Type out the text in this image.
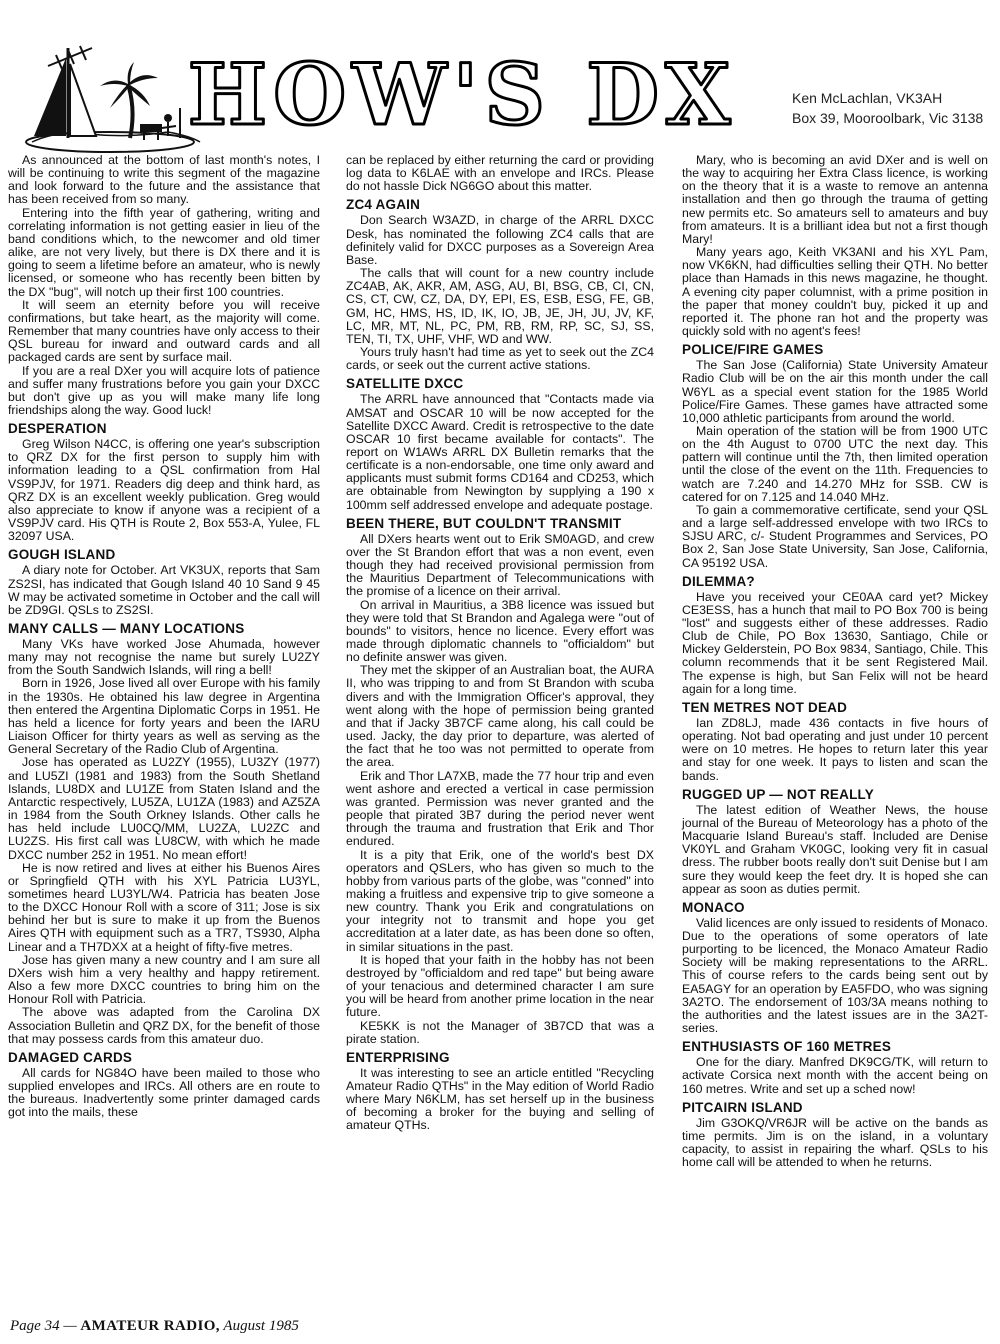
HOW'S DX	Ken McLachlan, VK3AH
Box 39, Mooroolbark, Vic 3138

As announced at the bottom of last month's notes, I will be continuing to write this segment of the magazine and look forward to the future and the assistance that has been received from so many.

Entering into the fifth year of gathering, writing and correlating information is not getting easier in lieu of the band conditions which, to the newcomer and old timer alike, are not very lively, but there is DX there and it is going to seem a lifetime before an amateur, who is newly licensed, or someone who has recently been bitten by the DX "bug", will notch up their first 100 countries.

It will seem an eternity before you will receive confirmations, but take heart, as the majority will come. Remember that many countries have only access to their QSL bureau for inward and outward cards and all packaged cards are sent by surface mail.

If you are a real DXer you will acquire lots of patience and suffer many frustrations before you gain your DXCC but don't give up as you will make many life long friendships along the way. Good luck!

DESPERATION

Greg Wilson N4CC, is offering one year's subscription to QRZ DX for the first person to supply him with information leading to a QSL confirmation from Hal VS9PJV, for 1971. Readers dig deep and think hard, as QRZ DX is an excellent weekly publication. Greg would also appreciate to know if anyone was a recipient of a VS9PJV card. His QTH is Route 2, Box 553-A, Yulee, FL 32097 USA.

GOUGH ISLAND

A diary note for October. Art VK3UX, reports that Sam ZS2SI, has indicated that Gough Island 40 10 Sand 9 45 W may be activated sometime in October and the call will be ZD9GI. QSLs to ZS2SI.

MANY CALLS — MANY LOCATIONS

Many VKs have worked Jose Ahumada, however many may not recognise the name but surely LU2ZY from the South Sandwich Islands, will ring a bell!

Born in 1926, Jose lived all over Europe with his family in the 1930s. He obtained his law degree in Argentina then entered the Argentina Diplomatic Corps in 1951. He has held a licence for forty years and been the IARU Liaison Officer for thirty years as well as serving as the General Secretary of the Radio Club of Argentina.

Jose has operated as LU2ZY (1955), LU3ZY (1977) and LU5ZI (1981 and 1983) from the South Shetland Islands, LU8DX and LU1ZE from Staten Island and the Antarctic respectively, LU5ZA, LU1ZA (1983) and AZ5ZA in 1984 from the South Orkney Islands. Other calls he has held include LU0CQ/MM, LU2ZA, LU2ZC and LU2ZS. His first call was LU8CW, with which he made DXCC number 252 in 1951. No mean effort!

He is now retired and lives at either his Buenos Aires or Springfield QTH with his XYL Patricia LU3YL, sometimes heard LU3YL/W4. Patricia has beaten Jose to the DXCC Honour Roll with a score of 311; Jose is six behind her but is sure to make it up from the Buenos Aires QTH with equipment such as a TR7, TS930, Alpha Linear and a TH7DXX at a height of fifty-five metres.

Jose has given many a new country and I am sure all DXers wish him a very healthy and happy retirement. Also a few more DXCC countries to bring him on the Honour Roll with Patricia.

The above was adapted from the Carolina DX Association Bulletin and QRZ DX, for the benefit of those that may possess cards from this amateur duo.

DAMAGED CARDS

All cards for NG84O have been mailed to those who supplied envelopes and IRCs. All others are en route to the bureaus. Inadvertently some printer damaged cards got into the mails, these

can be replaced by either returning the card or providing log data to K6LAE with an envelope and IRCs. Please do not hassle Dick NG6GO about this matter.

ZC4 AGAIN

Don Search W3AZD, in charge of the ARRL DXCC Desk, has nominated the following ZC4 calls that are definitely valid for DXCC purposes as a Sovereign Area Base.

The calls that will count for a new country include ZC4AB, AK, AKR, AM, ASG, AU, BI, BSG, CB, CI, CN, CS, CT, CW, CZ, DA, DY, EPI, ES, ESB, ESG, FE, GB, GM, HC, HMS, HS, ID, IK, IO, JB, JE, JH, JU, JV, KF, LC, MR, MT, NL, PC, PM, RB, RM, RP, SC, SJ, SS, TEN, TI, TX, UHF, VHF, WD and WW.

Yours truly hasn't had time as yet to seek out the ZC4 cards, or seek out the current active stations.

SATELLITE DXCC

The ARRL have announced that "Contacts made via AMSAT and OSCAR 10 will be now accepted for the Satellite DXCC Award. Credit is retrospective to the date OSCAR 10 first became available for contacts". The report on W1AWs ARRL DX Bulletin remarks that the certificate is a non-endorsable, one time only award and applicants must submit forms CD164 and CD253, which are obtainable from Newington by supplying a 190 x 100mm self addressed envelope and adequate postage.

BEEN THERE, BUT COULDN'T TRANSMIT

All DXers hearts went out to Erik SM0AGD, and crew over the St Brandon effort that was a non event, even though they had received provisional permission from the Mauritius Department of Telecommunications with the promise of a licence on their arrival.

On arrival in Mauritius, a 3B8 licence was issued but they were told that St Brandon and Agalega were "out of bounds" to visitors, hence no licence. Every effort was made through diplomatic channels to "officialdom" but no definite answer was given.

They met the skipper of an Australian boat, the AURA II, who was tripping to and from St Brandon with scuba divers and with the Immigration Officer's approval, they went along with the hope of permission being granted and that if Jacky 3B7CF came along, his call could be used. Jacky, the day prior to departure, was alerted of the fact that he too was not permitted to operate from the area.

Erik and Thor LA7XB, made the 77 hour trip and even went ashore and erected a vertical in case permission was granted. Permission was never granted and the people that pirated 3B7 during the period never went through the trauma and frustration that Erik and Thor endured.

It is a pity that Erik, one of the world's best DX operators and QSLers, who has given so much to the hobby from various parts of the globe, was "conned" into making a fruitless and expensive trip to give someone a new country. Thank you Erik and congratulations on your integrity not to transmit and hope you get accreditation at a later date, as has been done so often, in similar situations in the past.

It is hoped that your faith in the hobby has not been destroyed by "officialdom and red tape" but being aware of your tenacious and determined character I am sure you will be heard from another prime location in the near future.

KE5KK is not the Manager of 3B7CD that was a pirate station.

ENTERPRISING

It was interesting to see an article entitled "Recycling Amateur Radio QTHs" in the May edition of World Radio where Mary N6KLM, has set herself up in the business of becoming a broker for the buying and selling of amateur QTHs.

Mary, who is becoming an avid DXer and is well on the way to acquiring her Extra Class licence, is working on the theory that it is a waste to remove an antenna installation and then go through the trauma of getting new permits etc. So amateurs sell to amateurs and buy from amateurs. It is a brilliant idea but not a first though Mary!

Many years ago, Keith VK3ANI and his XYL Pam, now VK6KN, had difficulties selling their QTH. No better place than Hamads in this news magazine, he thought. A evening city paper columnist, with a prime position in the paper that money couldn't buy, picked it up and reported it. The phone ran hot and the property was quickly sold with no agent's fees!

POLICE/FIRE GAMES

The San Jose (California) State University Amateur Radio Club will be on the air this month under the call W6YL as a special event station for the 1985 World Police/Fire Games. These games have attracted some 10,000 athletic participants from around the world.

Main operation of the station will be from 1900 UTC on the 4th August to 0700 UTC the next day. This pattern will continue until the 7th, then limited operation until the close of the event on the 11th. Frequencies to watch are 7.240 and 14.270 MHz for SSB. CW is catered for on 7.125 and 14.040 MHz.

To gain a commemorative certificate, send your QSL and a large self-addressed envelope with two IRCs to SJSU ARC, c/- Student Programmes and Services, PO Box 2, San Jose State University, San Jose, California, CA 95192 USA.

DILEMMA?

Have you received your CE0AA card yet? Mickey CE3ESS, has a hunch that mail to PO Box 700 is being "lost" and suggests either of these addresses. Radio Club de Chile, PO Box 13630, Santiago, Chile or Mickey Gelderstein, PO Box 9834, Santiago, Chile. This column recommends that it be sent Registered Mail. The expense is high, but San Felix will not be heard again for a long time.

TEN METRES NOT DEAD

Ian ZD8LJ, made 436 contacts in five hours of operating. Not bad operating and just under 10 percent were on 10 metres. He hopes to return later this year and stay for one week. It pays to listen and scan the bands.

RUGGED UP — NOT REALLY

The latest edition of Weather News, the house journal of the Bureau of Meteorology has a photo of the Macquarie Island Bureau's staff. Included are Denise VK0YL and Graham VK0GC, looking very fit in casual dress. The rubber boots really don't suit Denise but I am sure they would keep the feet dry. It is hoped she can appear as soon as duties permit.

MONACO

Valid licences are only issued to residents of Monaco. Due to the operations of some operators of late purporting to be licenced, the Monaco Amateur Radio Society will be making representations to the ARRL. This of course refers to the cards being sent out by EA5AGY for an operation by EA5FDO, who was signing 3A2TO. The endorsement of 103/3A means nothing to the authorities and the latest issues are in the 3A2T-series.

ENTHUSIASTS OF 160 METRES

One for the diary. Manfred DK9CG/TK, will return to activate Corsica next month with the accent being on 160 metres. Write and set up a sched now!

PITCAIRN ISLAND

Jim G3OKQ/VR6JR will be active on the bands as time permits. Jim is on the island, in a voluntary capacity, to assist in repairing the wharf. QSLs to his home call will be attended to when he returns.

Page 34 — AMATEUR RADIO, August 1985
